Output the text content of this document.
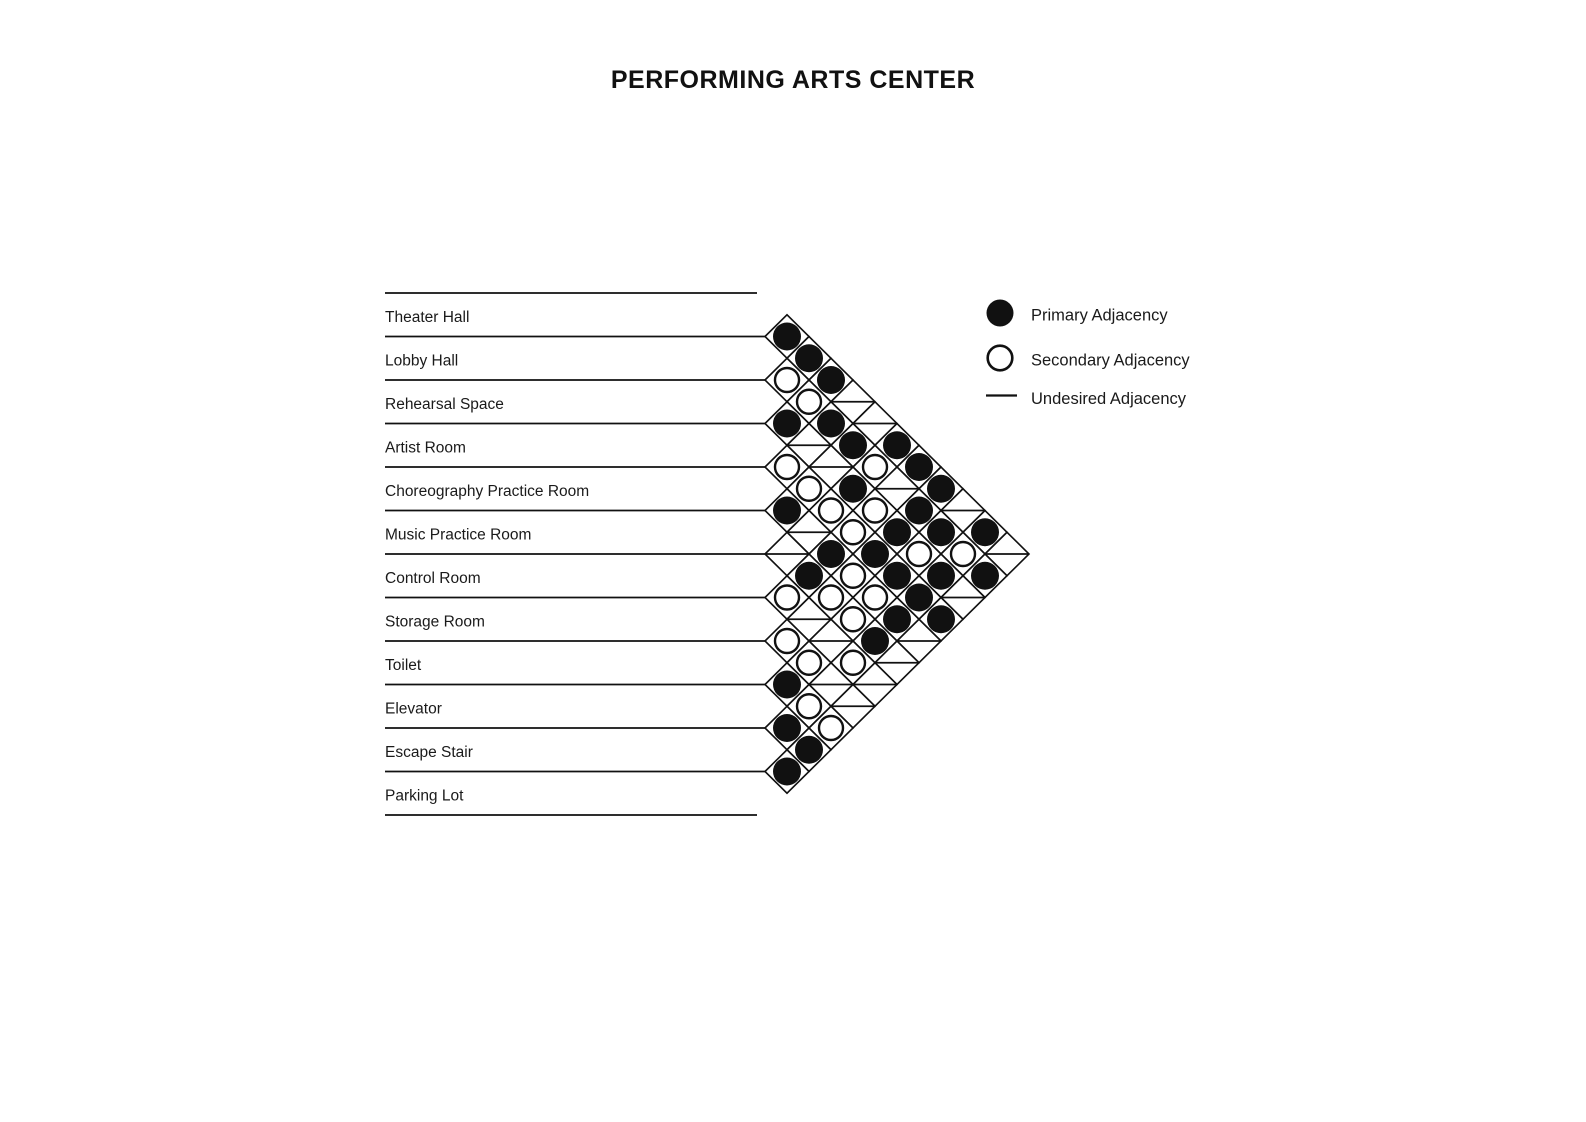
PERFORMING ARTS CENTER
Primary Adjacency
Secondary Adjacency
Undesired Adjacency
Theater Hall
Lobby Hall
Rehearsal Space
Artist Room
Choreography Practice Room
Music Practice Room
Control Room
Storage Room
Toilet
Elevator
Escape Stair
Parking Lot
